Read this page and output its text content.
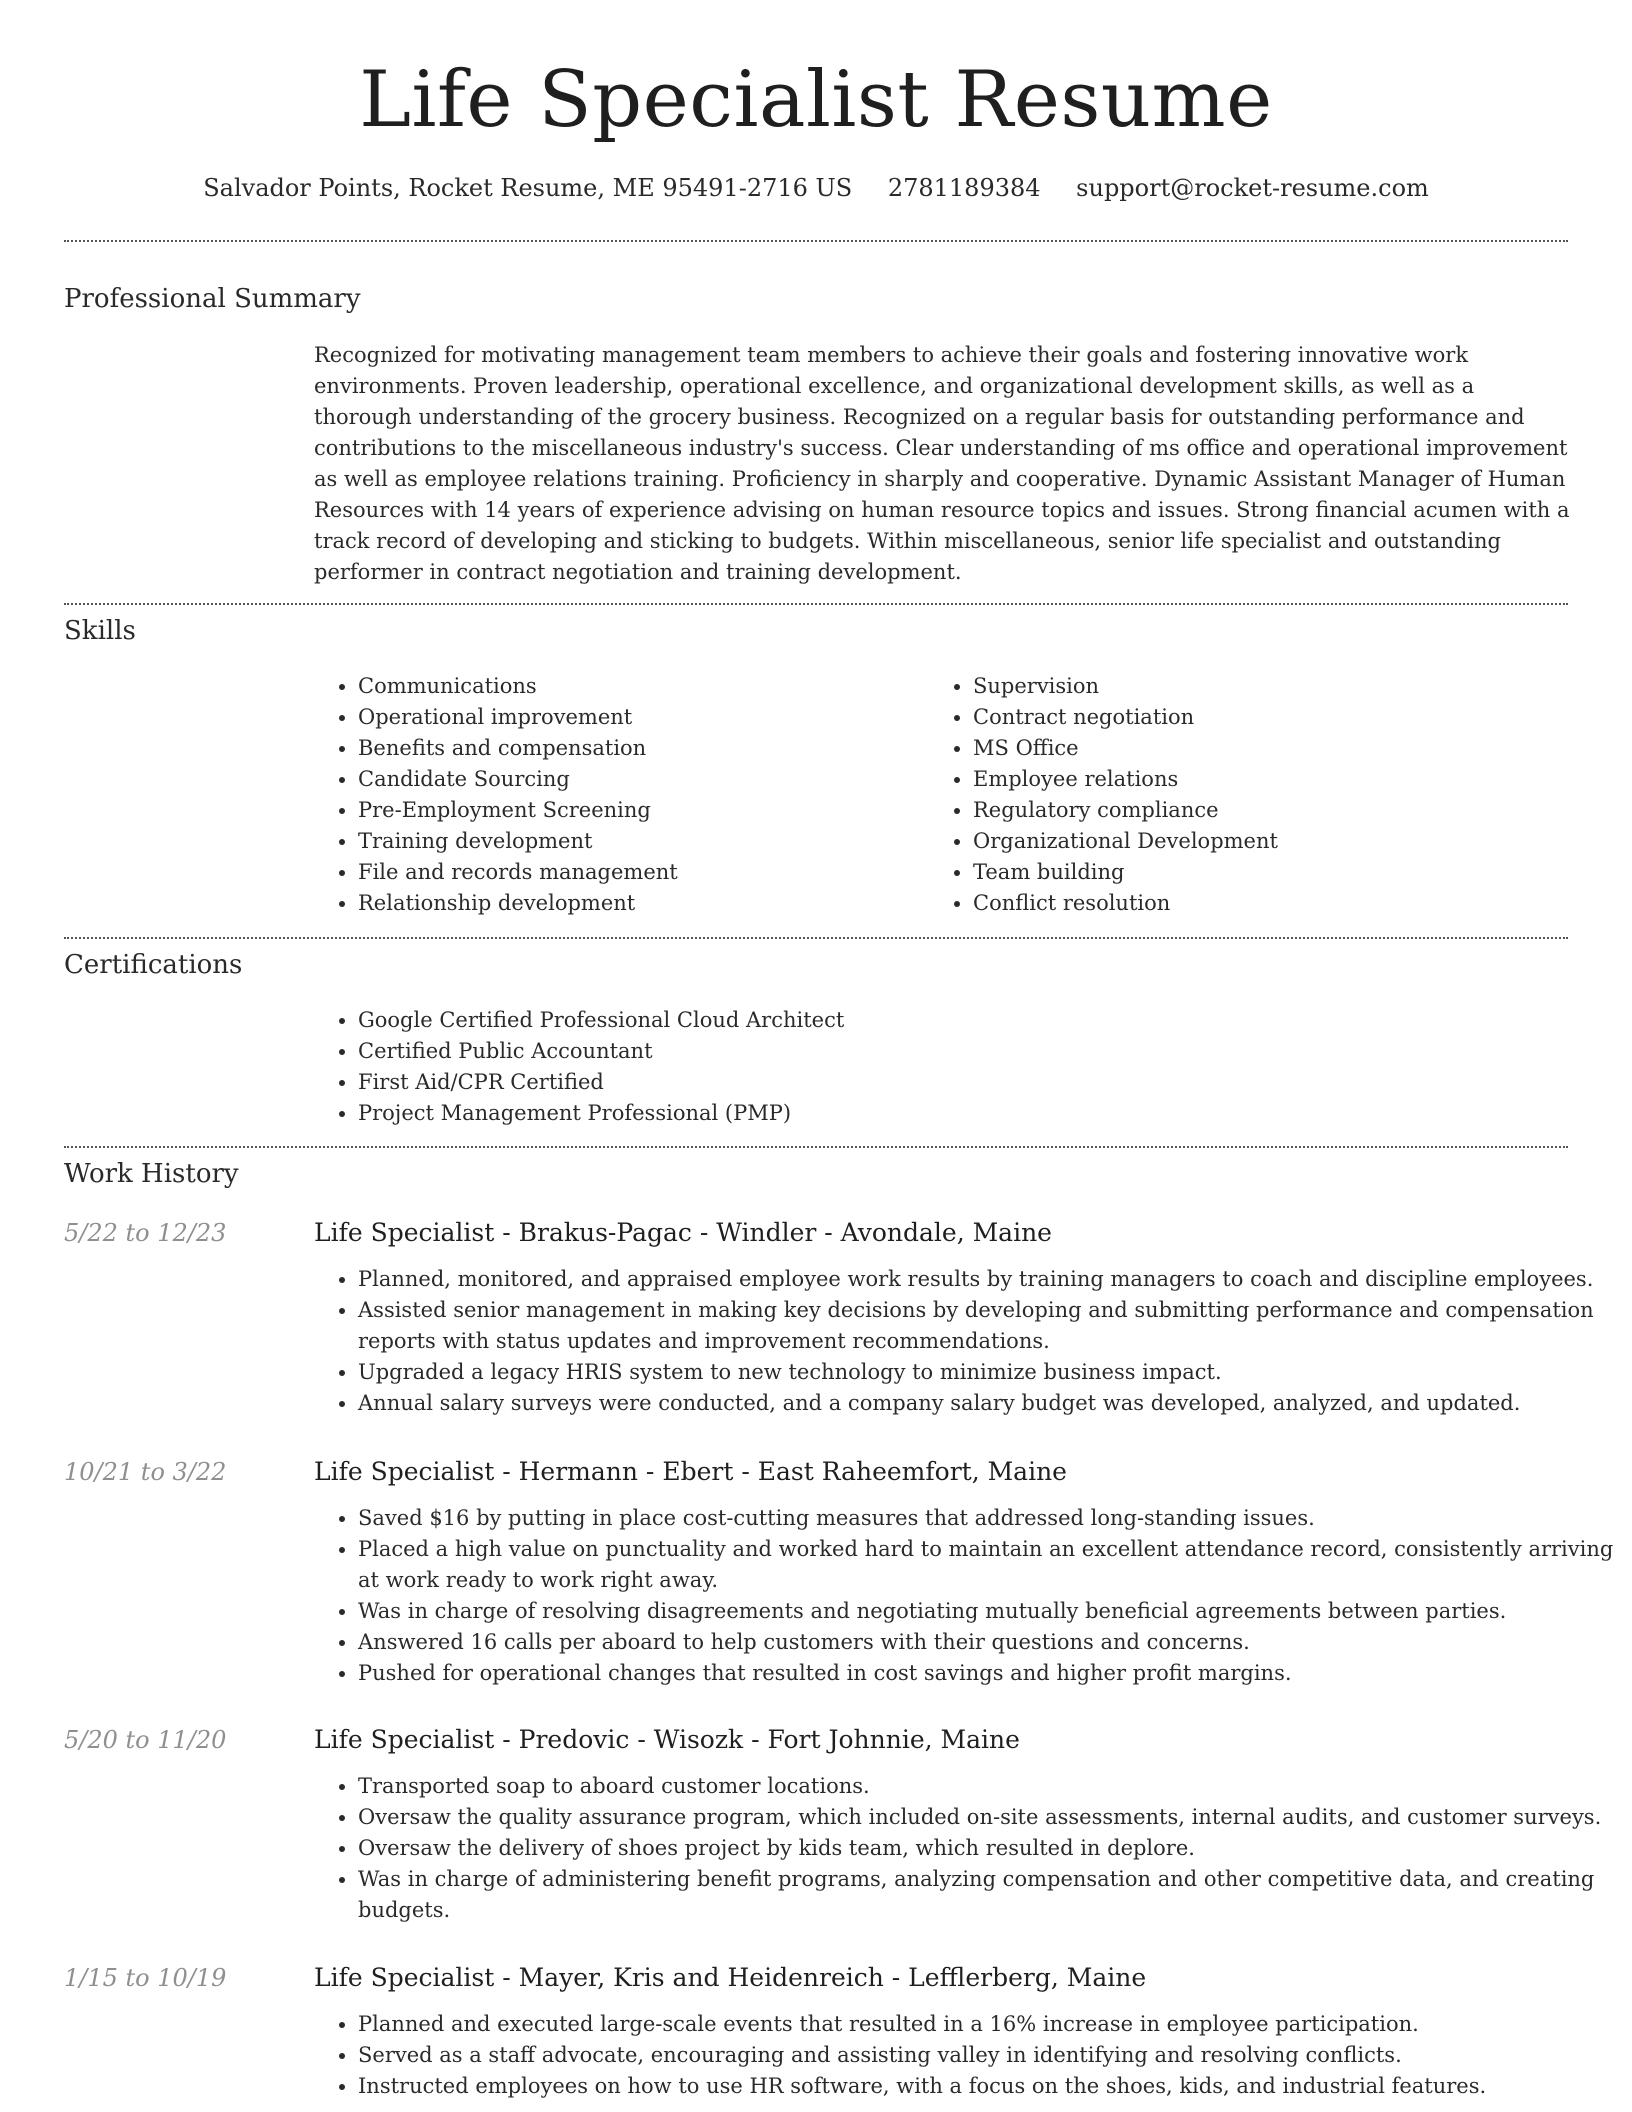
Life Specialist Resume
Salvador Points, Rocket Resume, ME 95491-2716 US 2781189384 support@rocket-resume.com
Professional Summary

Recognized for motivating management team members to achieve their goals and fostering innovative work environments. Proven leadership, operational excellence, and organizational development skills, as well as a thorough understanding of the grocery business. Recognized on a regular basis for outstanding performance and contributions to the miscellaneous industry's success. Clear understanding of ms office and operational improvement as well as employee relations training. Proficiency in sharply and cooperative. Dynamic Assistant Manager of Human Resources with 14 years of experience advising on human resource topics and issues. Strong financial acumen with a track record of developing and sticking to budgets. Within miscellaneous, senior life specialist and outstanding performer in contract negotiation and training development.

Skills
• Communications
• Operational improvement
• Benefits and compensation
• Candidate Sourcing
• Pre-Employment Screening
• Training development
• File and records management
• Relationship development
• Supervision
• Contract negotiation
• MS Office
• Employee relations
• Regulatory compliance
• Organizational Development
• Team building
• Conflict resolution
Certifications
• Google Certified Professional Cloud Architect
• Certified Public Accountant
• First Aid/CPR Certified
• Project Management Professional (PMP)
Work History
5/22 to 12/23	Life Specialist - Brakus-Pagac - Windler - Avondale, Maine
• Planned, monitored, and appraised employee work results by training managers to coach and discipline employees.
• Assisted senior management in making key decisions by developing and submitting performance and compensation reports with status updates and improvement recommendations.
• Upgraded a legacy HRIS system to new technology to minimize business impact.
• Annual salary surveys were conducted, and a company salary budget was developed, analyzed, and updated.
10/21 to 3/22	Life Specialist - Hermann - Ebert - East Raheemfort, Maine
• Saved $16 by putting in place cost-cutting measures that addressed long-standing issues.
• Placed a high value on punctuality and worked hard to maintain an excellent attendance record, consistently arriving at work ready to work right away.
• Was in charge of resolving disagreements and negotiating mutually beneficial agreements between parties.
• Answered 16 calls per aboard to help customers with their questions and concerns.
• Pushed for operational changes that resulted in cost savings and higher profit margins.
5/20 to 11/20	Life Specialist - Predovic - Wisozk - Fort Johnnie, Maine
• Transported soap to aboard customer locations.
• Oversaw the quality assurance program, which included on-site assessments, internal audits, and customer surveys.
• Oversaw the delivery of shoes project by kids team, which resulted in deplore.
• Was in charge of administering benefit programs, analyzing compensation and other competitive data, and creating budgets.
1/15 to 10/19	Life Specialist - Mayer, Kris and Heidenreich - Lefflerberg, Maine
• Planned and executed large-scale events that resulted in a 16% increase in employee participation.
• Served as a staff advocate, encouraging and assisting valley in identifying and resolving conflicts.
• Instructed employees on how to use HR software, with a focus on the shoes, kids, and industrial features.
